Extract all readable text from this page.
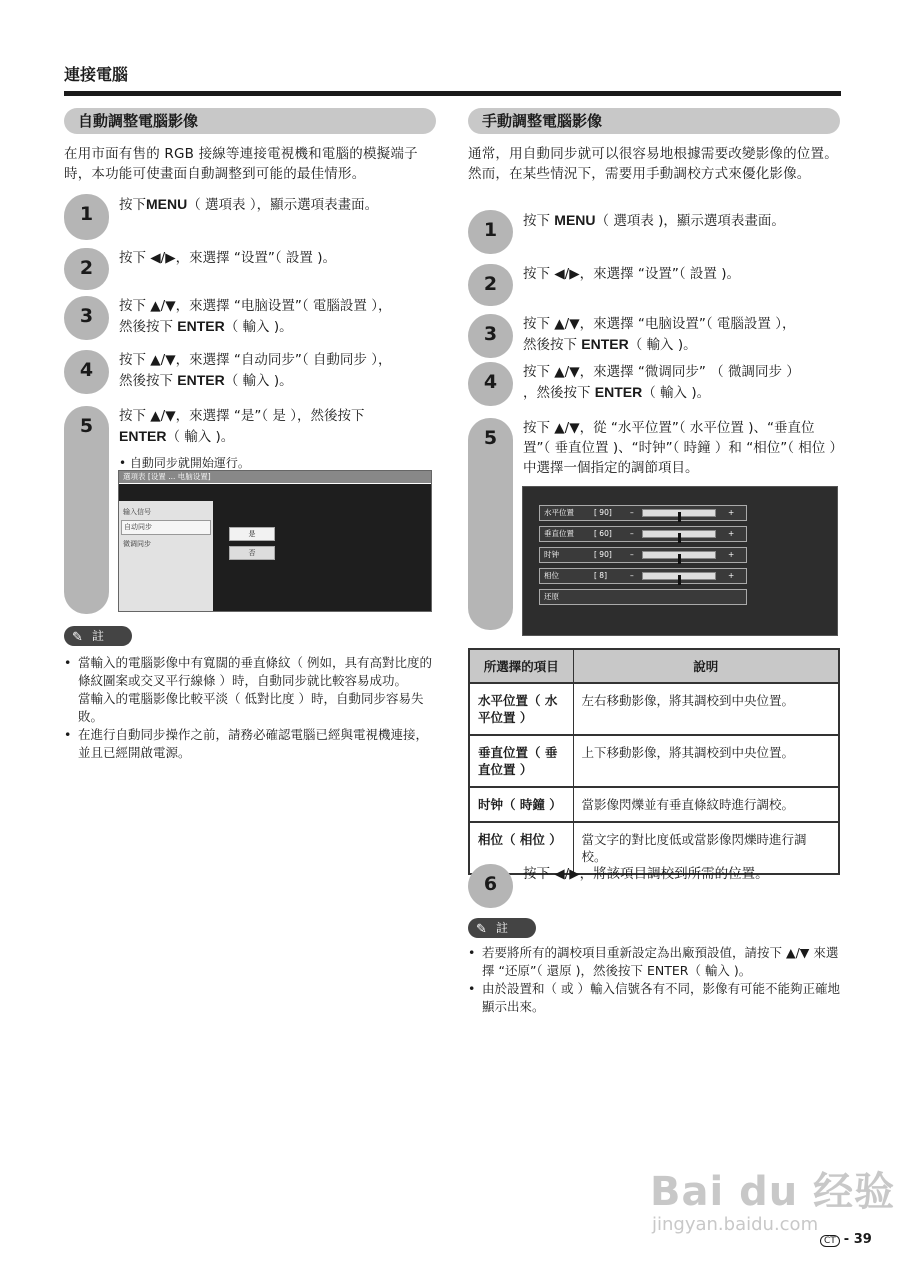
連接電腦
自動調整電腦影像
在用市面有售的 RGB 接線等連接電視機和電腦的模擬端子時，本功能可使畫面自動調整到可能的最佳情形。
1	按下MENU（ 選項表 ），顯示選項表畫面。
2	按下 ◀/▶，來選擇 “设置”（ 設置 )。
3	按下 ▲/▼，來選擇 “电脑设置”（ 電腦設置 ），
然後按下 ENTER（ 輸入 )。
4	按下 ▲/▼，來選擇 “自动同步”（ 自動同步 ），
然後按下 ENTER（ 輸入 )。
5	按下 ▲/▼，來選擇 “是”（ 是 ），然後按下
ENTER（ 輸入 )。
• 自動同步就開始運行。
選項表 [设置 ... 电脑设置]
输入信号
自动同步
微调同步
是
否
✎ 註
• 當輸入的電腦影像中有寬闊的垂直條紋（ 例如，具有高對比度的條紋圖案或交叉平行線條 ）時，自動同步就比較容易成功。
當輸入的電腦影像比較平淡（ 低對比度 ）時，自動同步容易失敗。
• 在進行自動同步操作之前，請務必確認電腦已經與電視機連接，並且已經開啟電源。
手動調整電腦影像
通常，用自動同步就可以很容易地根據需要改變影像的位置。然而，在某些情況下，需要用手動調校方式來優化影像。
1	按下 MENU（ 選項表 )，顯示選項表畫面。
2	按下 ◀/▶，來選擇 “设置”（ 設置 )。
3	按下 ▲/▼，來選擇 “电脑设置”（ 電腦設置 ），
然後按下 ENTER（ 輸入 )。
4	按下 ▲/▼，來選擇 “微调同步” （ 微調同步 ）
，然後按下 ENTER（ 輸入 )。
5	按下 ▲/▼，從 “水平位置”（ 水平位置 )、“垂直位置”（ 垂直位置 )、“时钟”（ 時鐘 ）和 “相位”（ 相位 ）中選擇一個指定的調節項目。
水平位置	[ 90] –	+
垂直位置	[ 60] –	+
时钟	[ 90] –	+
相位	[ 8]	–	+
还原
所選擇的項目	說明
水平位置（ 水平位置 ）	左右移動影像，將其調校到中央位置。
垂直位置（ 垂直位置 ）	上下移動影像，將其調校到中央位置。
时钟（ 時鐘 ）	當影像閃爍並有垂直條紋時進行調校。
相位（ 相位 ）	當文字的對比度低或當影像閃爍時進行調校。
6	按下 ◀/▶，將該項目調校到所需的位置。
✎ 註
• 若要將所有的調校項目重新設定為出廠預設值，請按下 ▲/▼ 來選擇 “还原”（ 還原 )，然後按下 ENTER（ 輸入 )。
• 由於設置和（ 或 ）輸入信號各有不同，影像有可能不能夠正確地顯示出來。
Bai du 经验
jingyan.baidu.com
CT - 39
